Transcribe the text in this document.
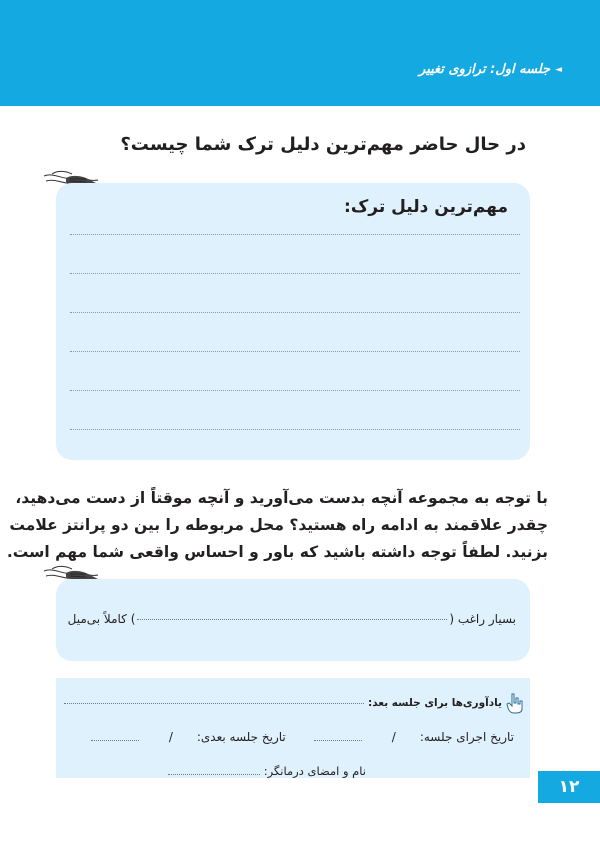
◄
جلسه اول: ترازوی تغییر
در حال حاضر مهم‌ترین دلیل ترک شما چیست؟
مهم‌ترین دلیل ترک:
با توجه به مجموعه آنچه بدست می‌آورید و آنچه موقتاً از دست می‌دهید،
چقدر علاقمند به ادامه راه هستید؟ محل مربوطه را بین دو پرانتز علامت
بزنید. لطفاً توجه داشته باشید که باور و احساس واقعی شما مهم است.
بسیار راغب (
) کاملاً بی‌میل
یادآوری‌ها برای جلسه بعد:
تاریخ اجرای جلسه:
/
تاریخ جلسه بعدی:
/
نام و امضای درمانگر:
۱۲
